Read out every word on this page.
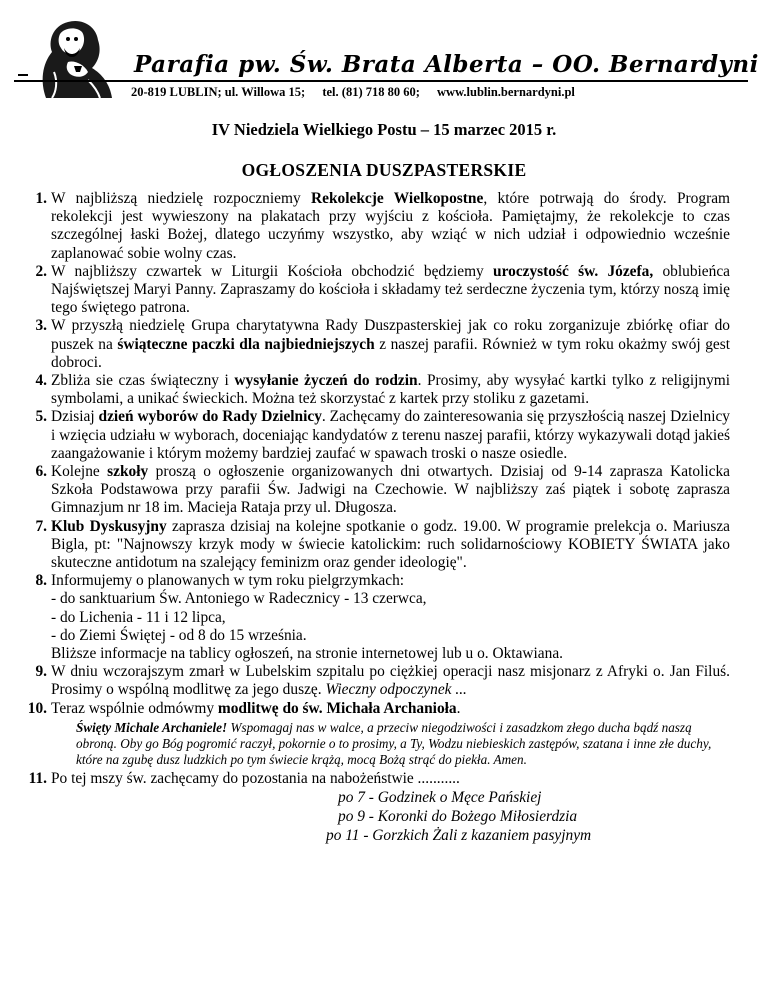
Parafia pw. Św. Brata Alberta – OO. Bernardyni
20-819 LUBLIN; ul. Willowa 15; tel. (81) 718 80 60; www.lublin.bernardyni.pl
IV Niedziela Wielkiego Postu – 15 marzec 2015 r.
OGŁOSZENIA DUSZPASTERSKIE
1. W najbliższą niedzielę rozpoczniemy Rekolekcje Wielkopostne, które potrwają do środy. Program rekolekcji jest wywieszony na plakatach przy wyjściu z kościoła. Pamiętajmy, że rekolekcje to czas szczególnej łaski Bożej, dlatego uczyńmy wszystko, aby wziąć w nich udział i odpowiednio wcześnie zaplanować sobie wolny czas.
2. W najbliższy czwartek w Liturgii Kościoła obchodzić będziemy uroczystość św. Józefa, oblubieńca Najświętszej Maryi Panny. Zapraszamy do kościoła i składamy też serdeczne życzenia tym, którzy noszą imię tego świętego patrona.
3. W przyszłą niedzielę Grupa charytatywna Rady Duszpasterskiej jak co roku zorganizuje zbiórkę ofiar do puszek na świąteczne paczki dla najbiedniejszych z naszej parafii. Również w tym roku okażmy swój gest dobroci.
4. Zbliża sie czas świąteczny i wysyłanie życzeń do rodzin. Prosimy, aby wysyłać kartki tylko z religijnymi symbolami, a unikać świeckich. Można też skorzystać z kartek przy stoliku z gazetami.
5. Dzisiaj dzień wyborów do Rady Dzielnicy. Zachęcamy do zainteresowania się przyszłością naszej Dzielnicy i wzięcia udziału w wyborach, doceniając kandydatów z terenu naszej parafii, którzy wykazywali dotąd jakieś zaangażowanie i którym możemy bardziej zaufać w spawach troski o nasze osiedle.
6. Kolejne szkoły proszą o ogłoszenie organizowanych dni otwartych. Dzisiaj od 9-14 zaprasza Katolicka Szkoła Podstawowa przy parafii Św. Jadwigi na Czechowie. W najbliższy zaś piątek i sobotę zaprasza Gimnazjum nr 18 im. Macieja Rataja przy ul. Długosza.
7. Klub Dyskusyjny zaprasza dzisiaj na kolejne spotkanie o godz. 19.00. W programie prelekcja o. Mariusza Bigla, pt: "Najnowszy krzyk mody w świecie katolickim: ruch solidarnościowy KOBIETY ŚWIATA jako skuteczne antidotum na szalejący feminizm oraz gender ideologię".
8. Informujemy o planowanych w tym roku pielgrzymkach:
- do sanktuarium Św. Antoniego w Radecznicy - 13 czerwca,
- do Lichenia - 11 i 12 lipca,
- do Ziemi Świętej - od 8 do 15 września.
Bliższe informacje na tablicy ogłoszeń, na stronie internetowej lub u o. Oktawiana.
9. W dniu wczorajszym zmarł w Lubelskim szpitalu po ciężkiej operacji nasz misjonarz z Afryki o. Jan Filuś. Prosimy o wspólną modlitwę za jego duszę. Wieczny odpoczynek ...
10. Teraz wspólnie odmówmy modlitwę do św. Michała Archanioła.
Święty Michale Archaniele! Wspomagaj nas w walce, a przeciw niegodziwości i zasadzkom złego ducha bądź naszą obroną. Oby go Bóg pogromić raczył, pokornie o to prosimy, a Ty, Wodzu niebieskich zastępów, szatana i inne złe duchy, które na zgubę dusz ludzkich po tym świecie krążą, mocą Bożą strąć do piekła. Amen.
11. Po tej mszy św. zachęcamy do pozostania na nabożeństwie ...........
po 7 - Godzinek o Męce Pańskiej
po 9 - Koronki do Bożego Miłosierdzia
po 11 - Gorzkich Żali z kazaniem pasyjnym
